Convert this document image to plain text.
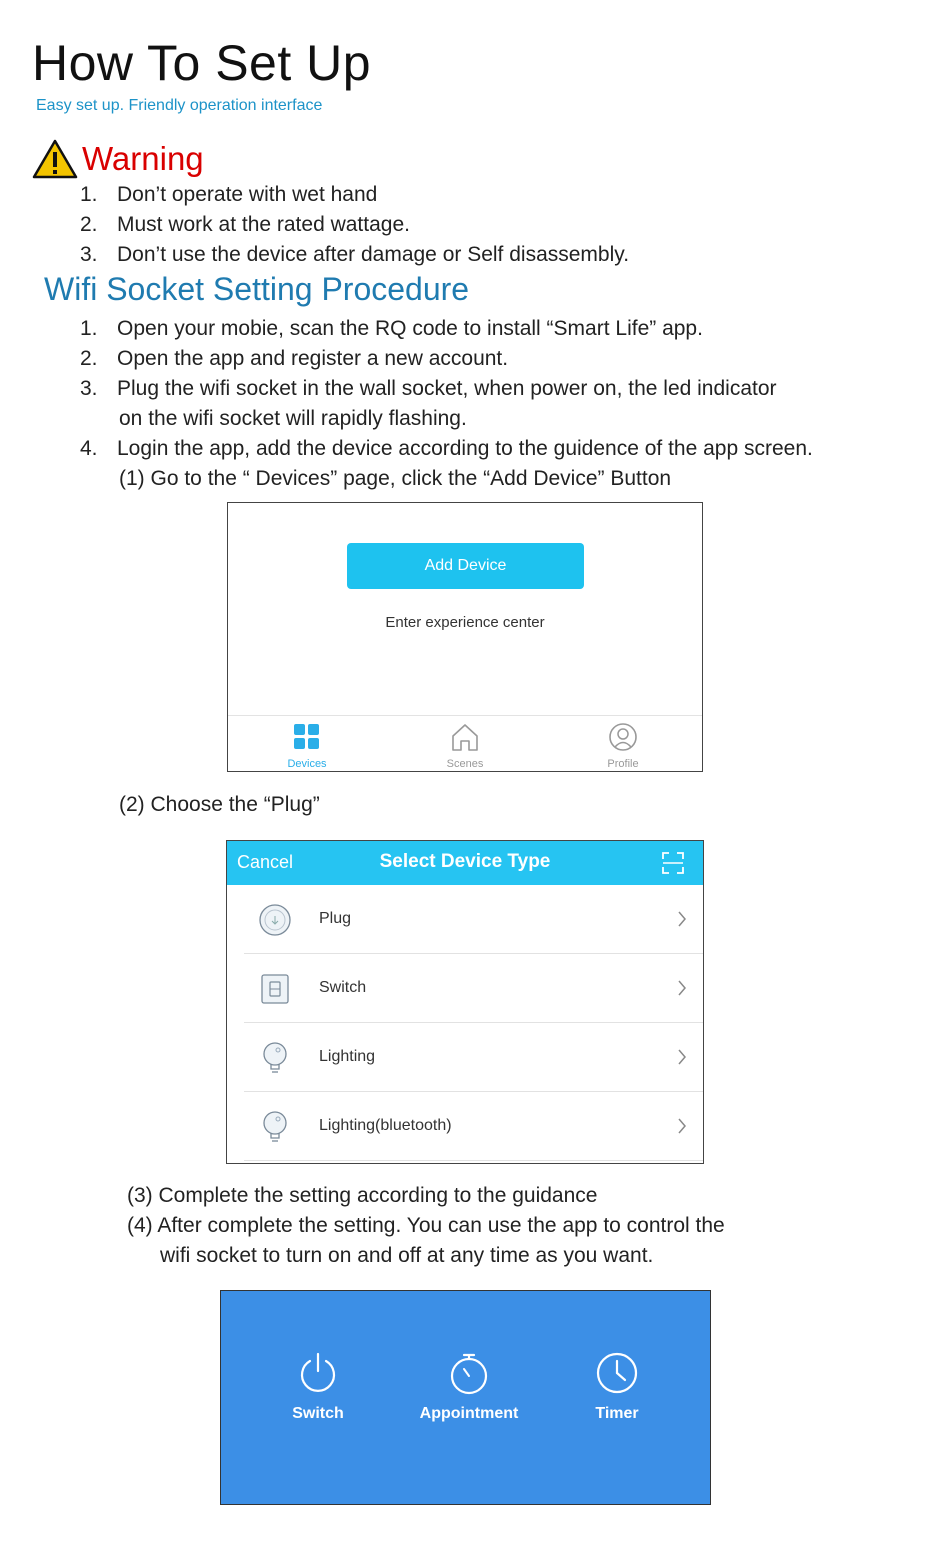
How To Set Up
Easy set up. Friendly operation interface
Warning
1. Don’t operate with wet hand
2. Must work at the rated wattage.
3. Don’t use the device after damage or Self disassembly.
Wifi Socket Setting Procedure
1. Open your mobie, scan the RQ code to install “Smart Life” app.
2. Open the app and register a new account.
3. Plug the wifi socket in the wall socket, when power on, the led indicator
on the wifi socket will rapidly flashing.
4. Login the app, add the device according to the guidence of the app screen.
(1) Go to the “ Devices” page, click the “Add Device” Button
Add Device
Enter experience center
Devices	Scenes	Profile
(2) Choose the “Plug”
Select Device Type
Cancel
Plug
Switch
Lighting
Lighting(bluetooth)
(3) Complete the setting according to the guidance
(4) After complete the setting. You can use the app to control the
wifi socket to turn on and off at any time as you want.
Switch	Appointment	Timer
